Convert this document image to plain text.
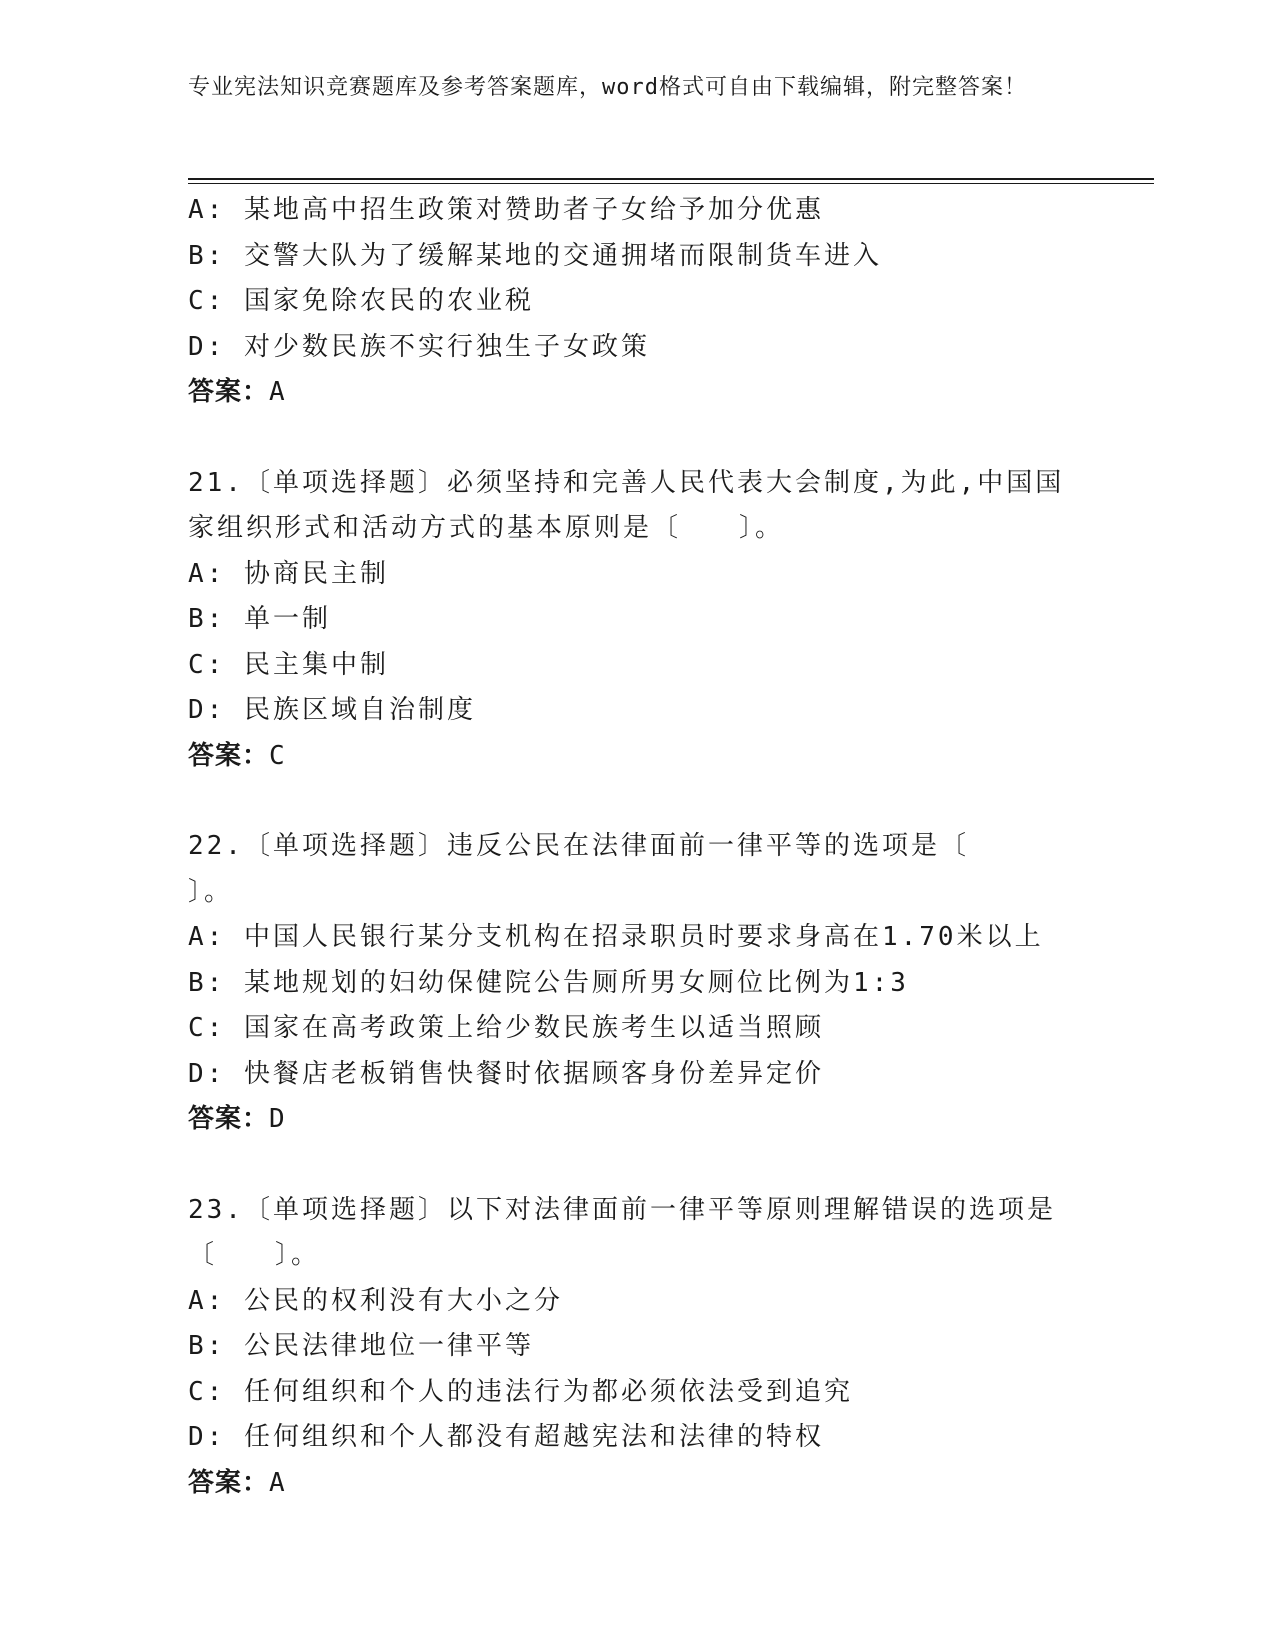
专业宪法知识竞赛题库及参考答案题库，word格式可自由下载编辑，附完整答案！
A: 某地高中招生政策对赞助者子女给予加分优惠
B: 交警大队为了缓解某地的交通拥堵而限制货车进入
C: 国家免除农民的农业税
D: 对少数民族不实行独生子女政策
答案：A
21.〔单项选择题〕必须坚持和完善人民代表大会制度,为此,中国国家组织形式和活动方式的基本原则是〔　　〕。
A: 协商民主制
B: 单一制
C: 民主集中制
D: 民族区域自治制度
答案：C
22.〔单项选择题〕违反公民在法律面前一律平等的选项是〔　　〕。
A: 中国人民银行某分支机构在招录职员时要求身高在1.70米以上
B: 某地规划的妇幼保健院公告厕所男女厕位比例为1:3
C: 国家在高考政策上给少数民族考生以适当照顾
D: 快餐店老板销售快餐时依据顾客身份差异定价
答案：D
23.〔单项选择题〕以下对法律面前一律平等原则理解错误的选项是〔　　〕。
A: 公民的权利没有大小之分
B: 公民法律地位一律平等
C: 任何组织和个人的违法行为都必须依法受到追究
D: 任何组织和个人都没有超越宪法和法律的特权
答案：A
